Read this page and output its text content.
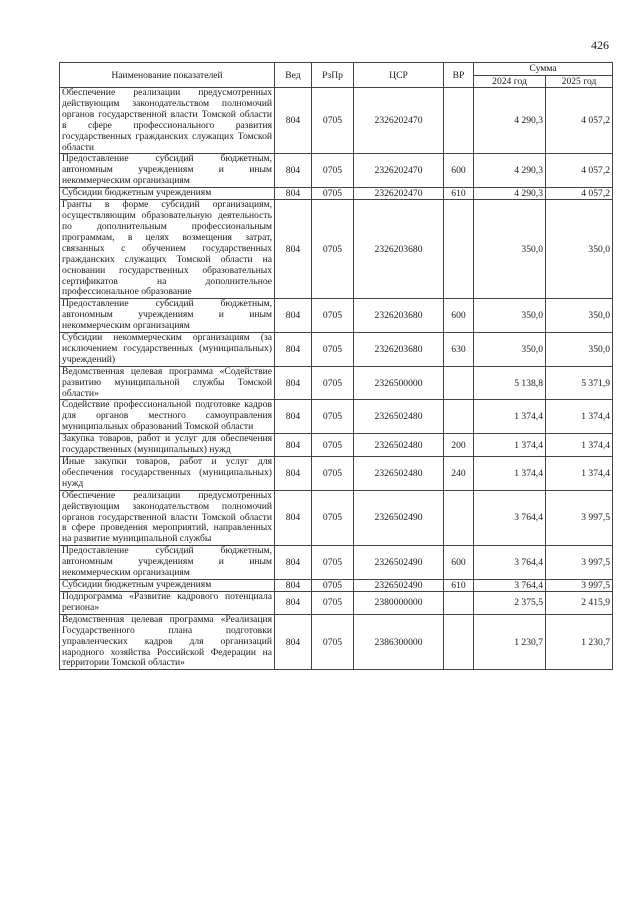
426
Наименование показателей	Вед	РзПр	ЦСР	ВР	Сумма	
					2024 год	2025 год
Обеспечение реализации предусмотренных действующим законодательством полномочий органов государственной власти Томской области в сфере профессионального развития государственных гражданских служащих Томской области	804	0705	2326202470		4 290,3	4 057,2
Предоставление субсидий бюджетным, автономным учреждениям и иным некоммерческим организациям	804	0705	2326202470	600	4 290,3	4 057,2
Субсидии бюджетным учреждениям	804	0705	2326202470	610	4 290,3	4 057,2
Гранты в форме субсидий организациям, осуществляющим образовательную деятельность по дополнительным профессиональным программам, в целях возмещения затрат, связанных с обучением государственных гражданских служащих Томской области на основании государственных образовательных сертификатов на дополнительное профессиональное образование	804	0705	2326203680		350,0	350,0
Предоставление субсидий бюджетным, автономным учреждениям и иным некоммерческим организациям	804	0705	2326203680	600	350,0	350,0
Субсидии некоммерческим организациям (за исключением государственных (муниципальных) учреждений)	804	0705	2326203680	630	350,0	350,0
Ведомственная целевая программа «Содействие развитию муниципальной службы Томской области»	804	0705	2326500000		5 138,8	5 371,9
Содействие профессиональной подготовке кадров для органов местного самоуправления муниципальных образований Томской области	804	0705	2326502480		1 374,4	1 374,4
Закупка товаров, работ и услуг для обеспечения государственных (муниципальных) нужд	804	0705	2326502480	200	1 374,4	1 374,4
Иные закупки товаров, работ и услуг для обеспечения государственных (муниципальных) нужд	804	0705	2326502480	240	1 374,4	1 374,4
Обеспечение реализации предусмотренных действующим законодательством полномочий органов государственной власти Томской области в сфере проведения мероприятий, направленных на развитие муниципальной службы	804	0705	2326502490		3 764,4	3 997,5
Предоставление субсидий бюджетным, автономным учреждениям и иным некоммерческим организациям	804	0705	2326502490	600	3 764,4	3 997,5
Субсидии бюджетным учреждениям	804	0705	2326502490	610	3 764,4	3 997,5
Подпрограмма «Развитие кадрового потенциала региона»	804	0705	2380000000		2 375,5	2 415,9
Ведомственная целевая программа «Реализация Государственного плана подготовки управленческих кадров для организаций народного хозяйства Российской Федерации на территории Томской области»	804	0705	2386300000		1 230,7	1 230,7
